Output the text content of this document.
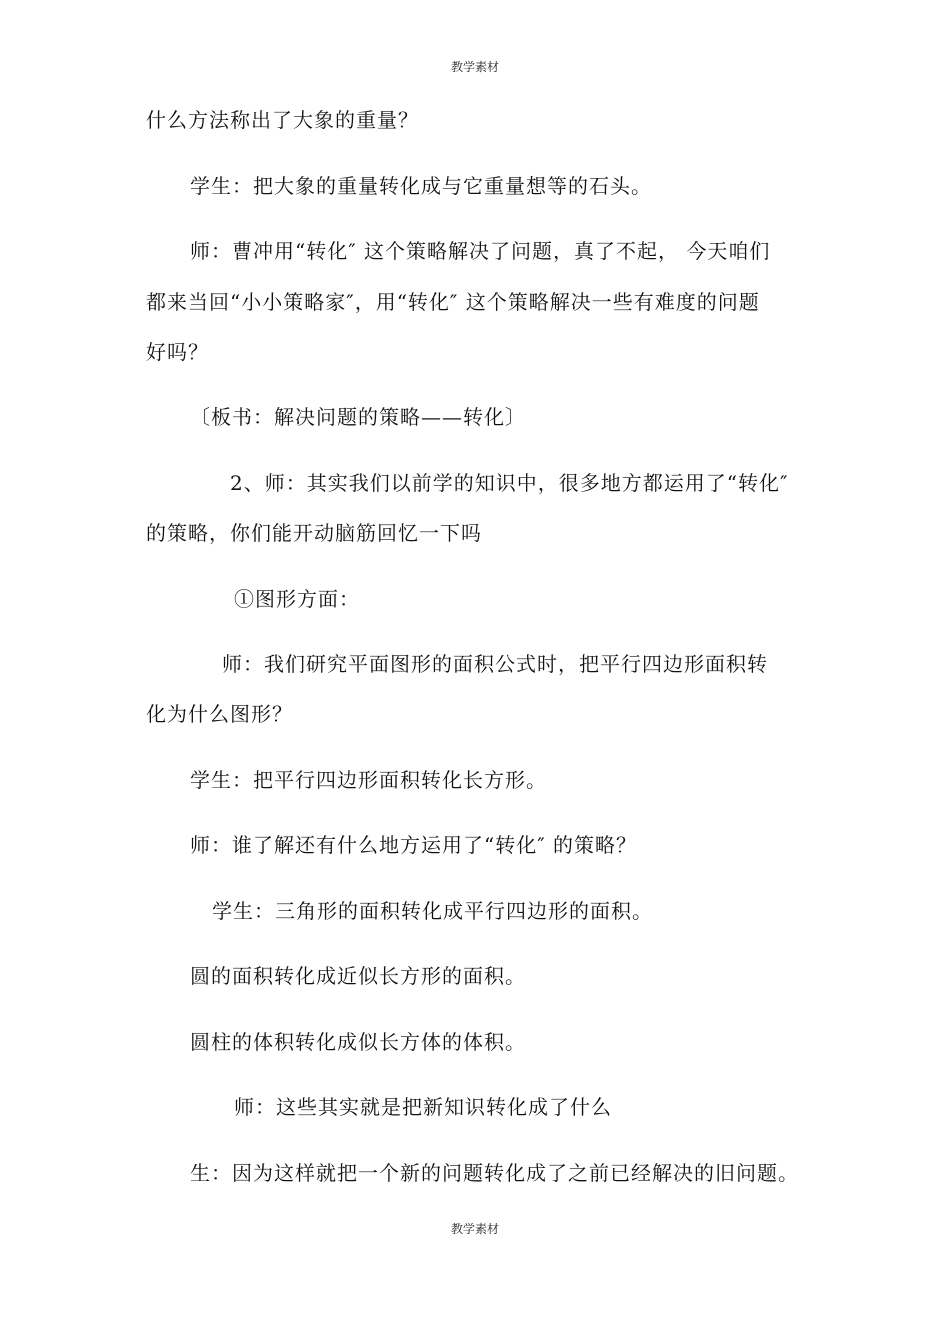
教学素材
什么方法称出了大象的重量？
学生：把大象的重量转化成与它重量想等的石头。
师：曹冲用“转化″ 这个策略解决了问题，真了不起， 今天咱们
都来当回“小小策略家″，用“转化″ 这个策略解决一些有难度的问题
好吗？
〔板书：解决问题的策略——转化〕
2、师：其实我们以前学的知识中，很多地方都运用了“转化″
的策略，你们能开动脑筋回忆一下吗
①图形方面：
师：我们研究平面图形的面积公式时，把平行四边形面积转
化为什么图形？
学生：把平行四边形面积转化长方形。
师：谁了解还有什么地方运用了“转化″ 的策略？
学生：三角形的面积转化成平行四边形的面积。
圆的面积转化成近似长方形的面积。
圆柱的体积转化成似长方体的体积。
师：这些其实就是把新知识转化成了什么
生：因为这样就把一个新的问题转化成了之前已经解决的旧问题。
教学素材
